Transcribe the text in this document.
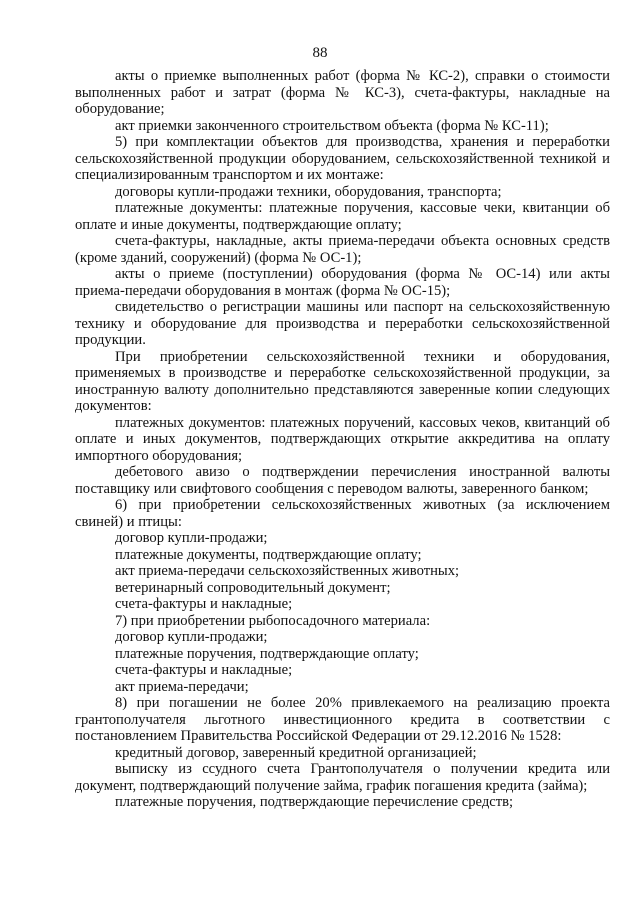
88

акты о приемке выполненных работ (форма № КС-2), справки о стоимости выполненных работ и затрат (форма № КС-3), счета-фактуры, накладные на оборудование;

акт приемки законченного строительством объекта (форма № КС-11);

5) при комплектации объектов для производства, хранения и переработки сельскохозяйственной продукции оборудованием, сельскохозяйственной техникой и специализированным транспортом и их монтаже:

договоры купли-продажи техники, оборудования, транспорта;

платежные документы: платежные поручения, кассовые чеки, квитанции об оплате и иные документы, подтверждающие оплату;

счета-фактуры, накладные, акты приема-передачи объекта основных средств (кроме зданий, сооружений) (форма № ОС-1);

акты о приеме (поступлении) оборудования (форма № ОС-14) или акты приема-передачи оборудования в монтаж (форма № ОС-15);

свидетельство о регистрации машины или паспорт на сельскохозяйственную технику и оборудование для производства и переработки сельскохозяйственной продукции.

При приобретении сельскохозяйственной техники и оборудования, применяемых в производстве и переработке сельскохозяйственной продукции, за иностранную валюту дополнительно представляются заверенные копии следующих документов:

платежных документов: платежных поручений, кассовых чеков, квитанций об оплате и иных документов, подтверждающих открытие аккредитива на оплату импортного оборудования;

дебетового авизо о подтверждении перечисления иностранной валюты поставщику или свифтового сообщения с переводом валюты, заверенного банком;

6) при приобретении сельскохозяйственных животных (за исключением свиней) и птицы:

договор купли-продажи;

платежные документы, подтверждающие оплату;

акт приема-передачи сельскохозяйственных животных;

ветеринарный сопроводительный документ;

счета-фактуры и накладные;

7) при приобретении рыбопосадочного материала:

договор купли-продажи;

платежные поручения, подтверждающие оплату;

счета-фактуры и накладные;

акт приема-передачи;

8) при погашении не более 20% привлекаемого на реализацию проекта грантополучателя льготного инвестиционного кредита в соответствии с постановлением Правительства Российской Федерации от 29.12.2016 № 1528:

кредитный договор, заверенный кредитной организацией;

выписку из ссудного счета Грантополучателя о получении кредита или документ, подтверждающий получение займа, график погашения кредита (займа);

платежные поручения, подтверждающие перечисление средств;
